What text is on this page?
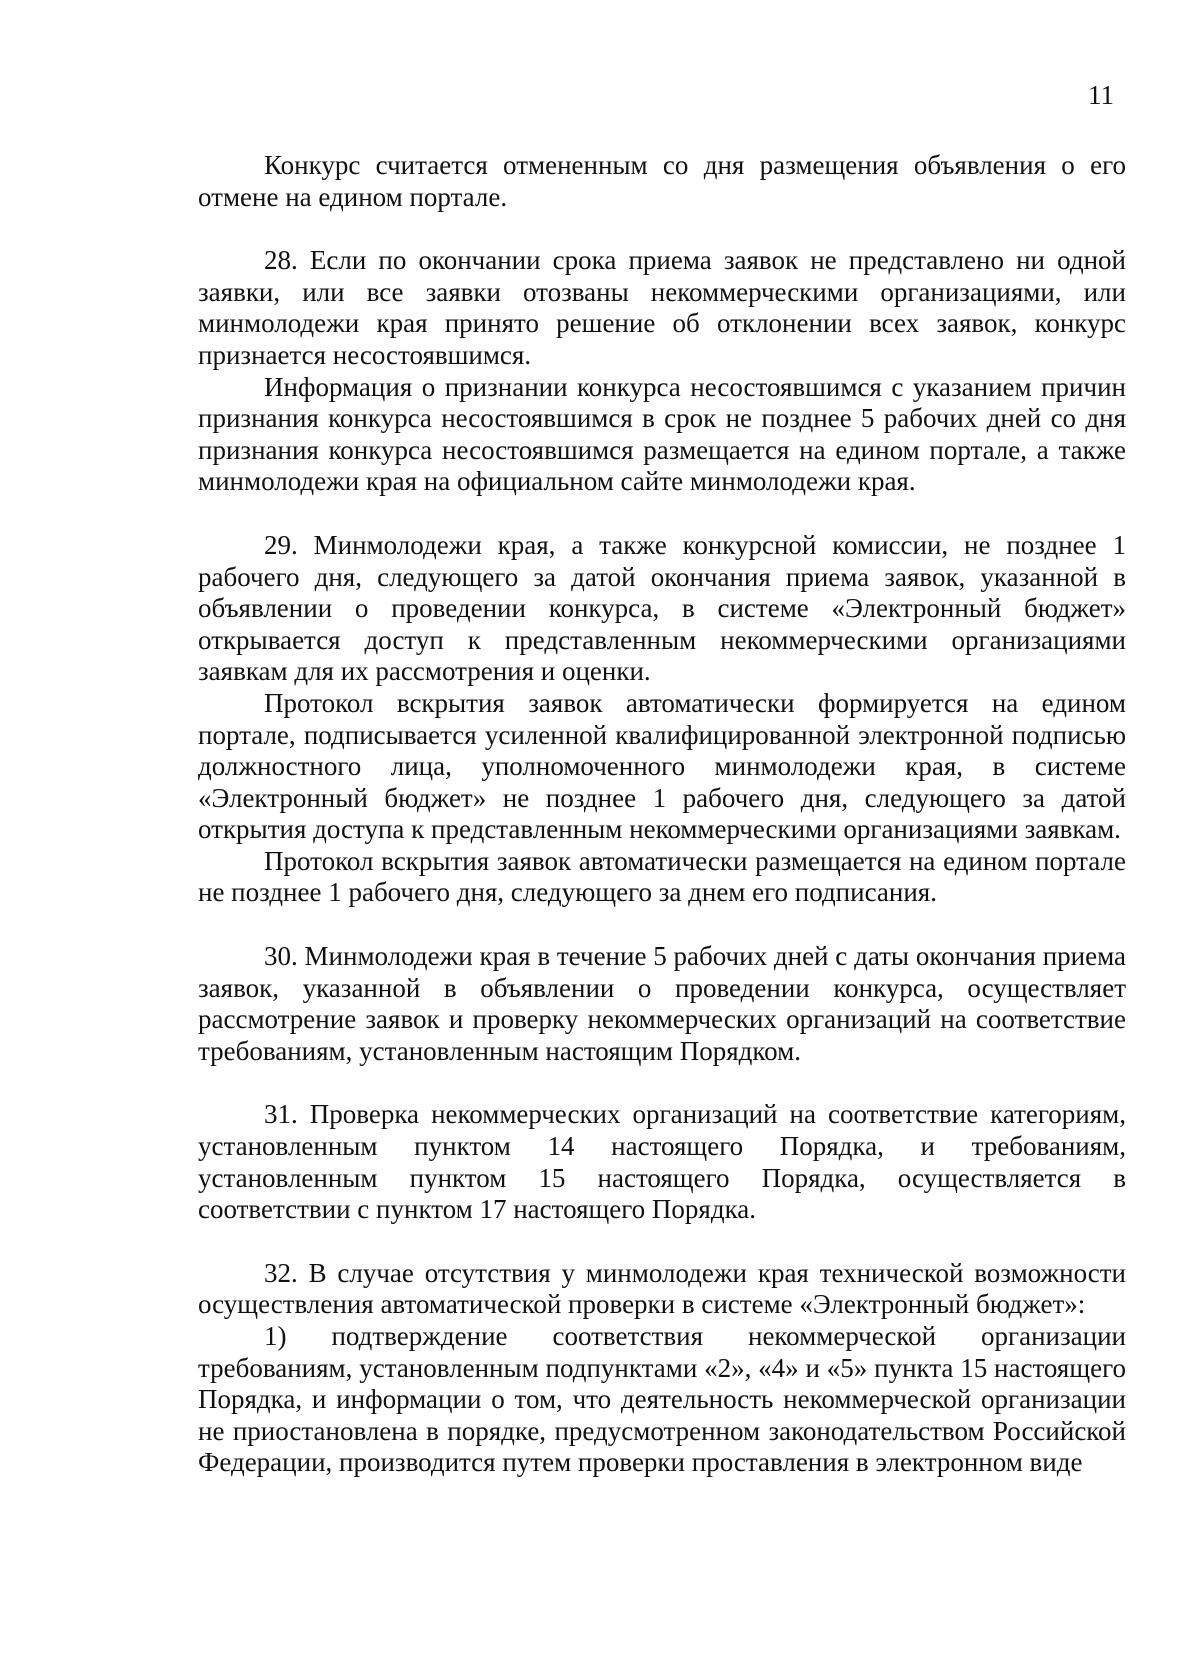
11

Конкурс считается отмененным со дня размещения объявления о его отмене на едином портале.

28. Если по окончании срока приема заявок не представлено ни одной заявки, или все заявки отозваны некоммерческими организациями, или минмолодежи края принято решение об отклонении всех заявок, конкурс признается несостоявшимся.

Информация о признании конкурса несостоявшимся с указанием причин признания конкурса несостоявшимся в срок не позднее 5 рабочих дней со дня признания конкурса несостоявшимся размещается на едином портале, а также минмолодежи края на официальном сайте минмолодежи края.

29. Минмолодежи края, а также конкурсной комиссии, не позднее 1 рабочего дня, следующего за датой окончания приема заявок, указанной в объявлении о проведении конкурса, в системе «Электронный бюджет» открывается доступ к представленным некоммерческими организациями заявкам для их рассмотрения и оценки.

Протокол вскрытия заявок автоматически формируется на едином портале, подписывается усиленной квалифицированной электронной подписью должностного лица, уполномоченного минмолодежи края, в системе «Электронный бюджет» не позднее 1 рабочего дня, следующего за датой открытия доступа к представленным некоммерческими организациями заявкам.

Протокол вскрытия заявок автоматически размещается на едином портале не позднее 1 рабочего дня, следующего за днем его подписания.

30. Минмолодежи края в течение 5 рабочих дней с даты окончания приема заявок, указанной в объявлении о проведении конкурса, осуществляет рассмотрение заявок и проверку некоммерческих организаций на соответствие требованиям, установленным настоящим Порядком.

31. Проверка некоммерческих организаций на соответствие категориям, установленным пунктом 14 настоящего Порядка, и требованиям, установленным пунктом 15 настоящего Порядка, осуществляется в соответствии с пунктом 17 настоящего Порядка.

32. В случае отсутствия у минмолодежи края технической возможности осуществления автоматической проверки в системе «Электронный бюджет»:

1) подтверждение соответствия некоммерческой организации требованиям, установленным подпунктами «2», «4» и «5» пункта 15 настоящего Порядка, и информации о том, что деятельность некоммерческой организации не приостановлена в порядке, предусмотренном законодательством Российской Федерации, производится путем проверки проставления в электронном виде
